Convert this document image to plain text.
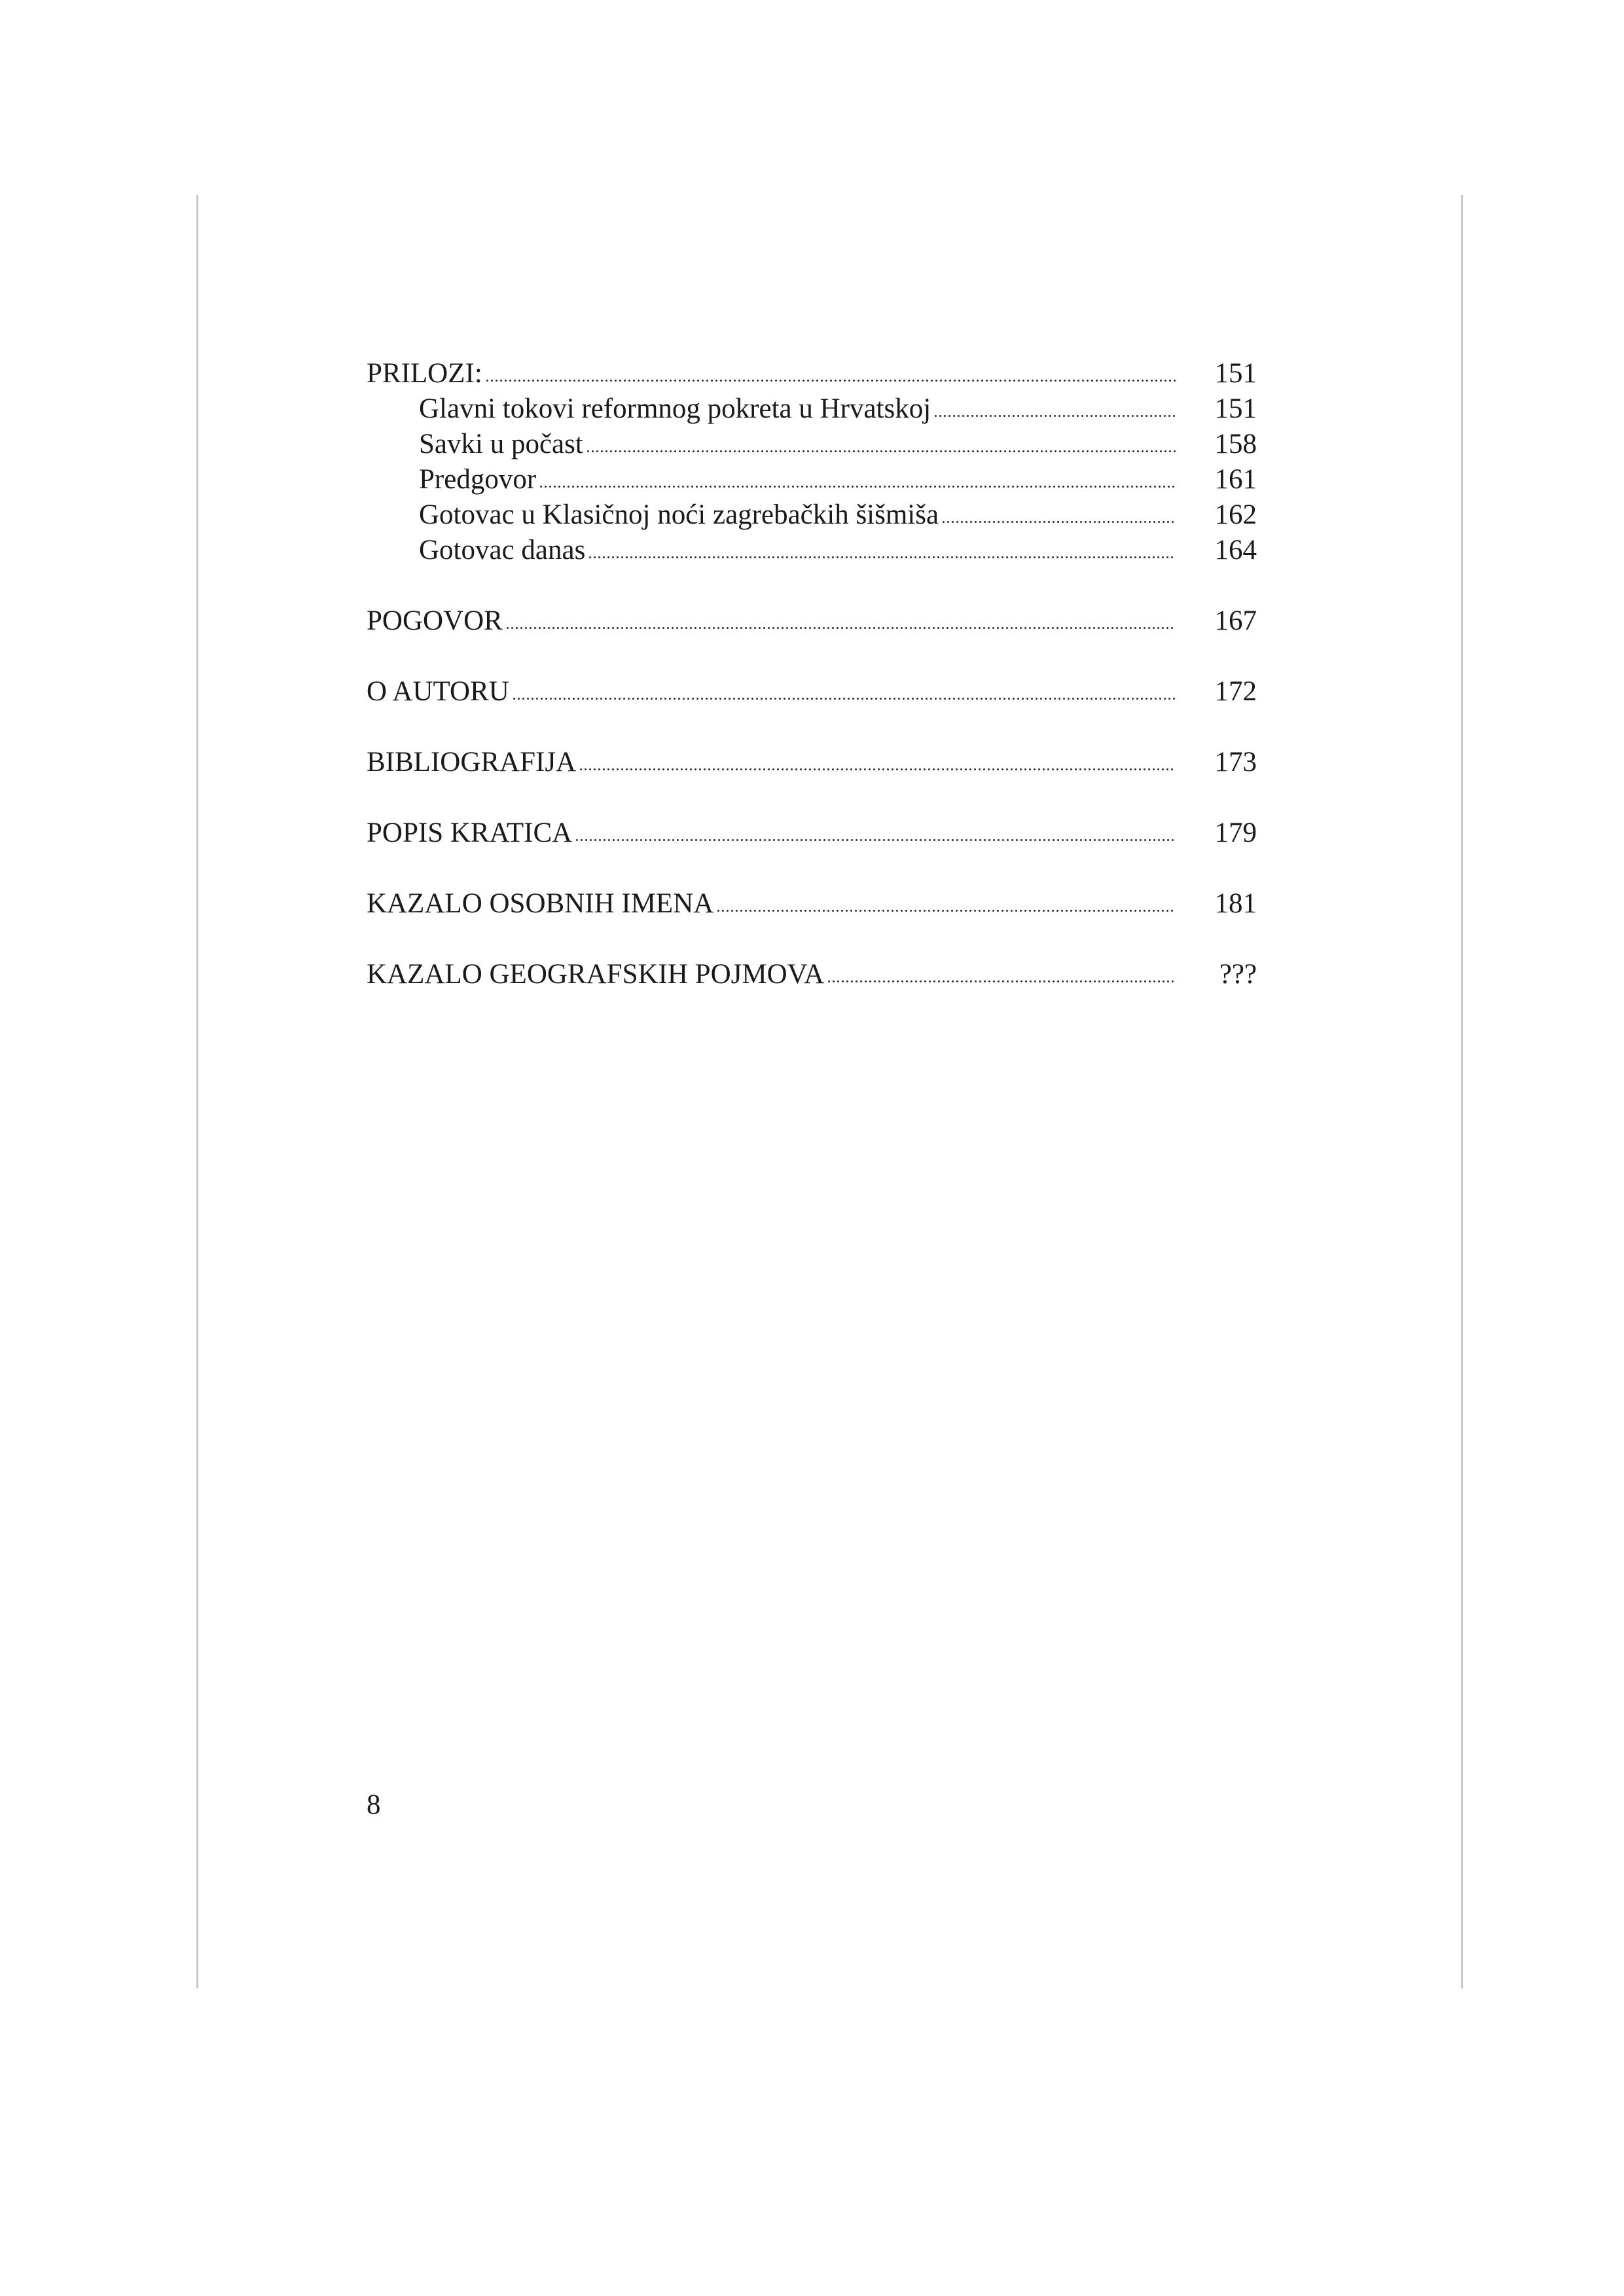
PRILOZI:	151
Glavni tokovi reformnog pokreta u Hrvatskoj	151
Savki u počast	158
Predgovor	161
Gotovac u Klasičnoj noći zagrebačkih šišmiša	162
Gotovac danas	164
POGOVOR	167
O AUTORU	172
BIBLIOGRAFIJA	173
POPIS KRATICA	179
KAZALO OSOBNIH IMENA	181
KAZALO GEOGRAFSKIH POJMOVA	???
8
